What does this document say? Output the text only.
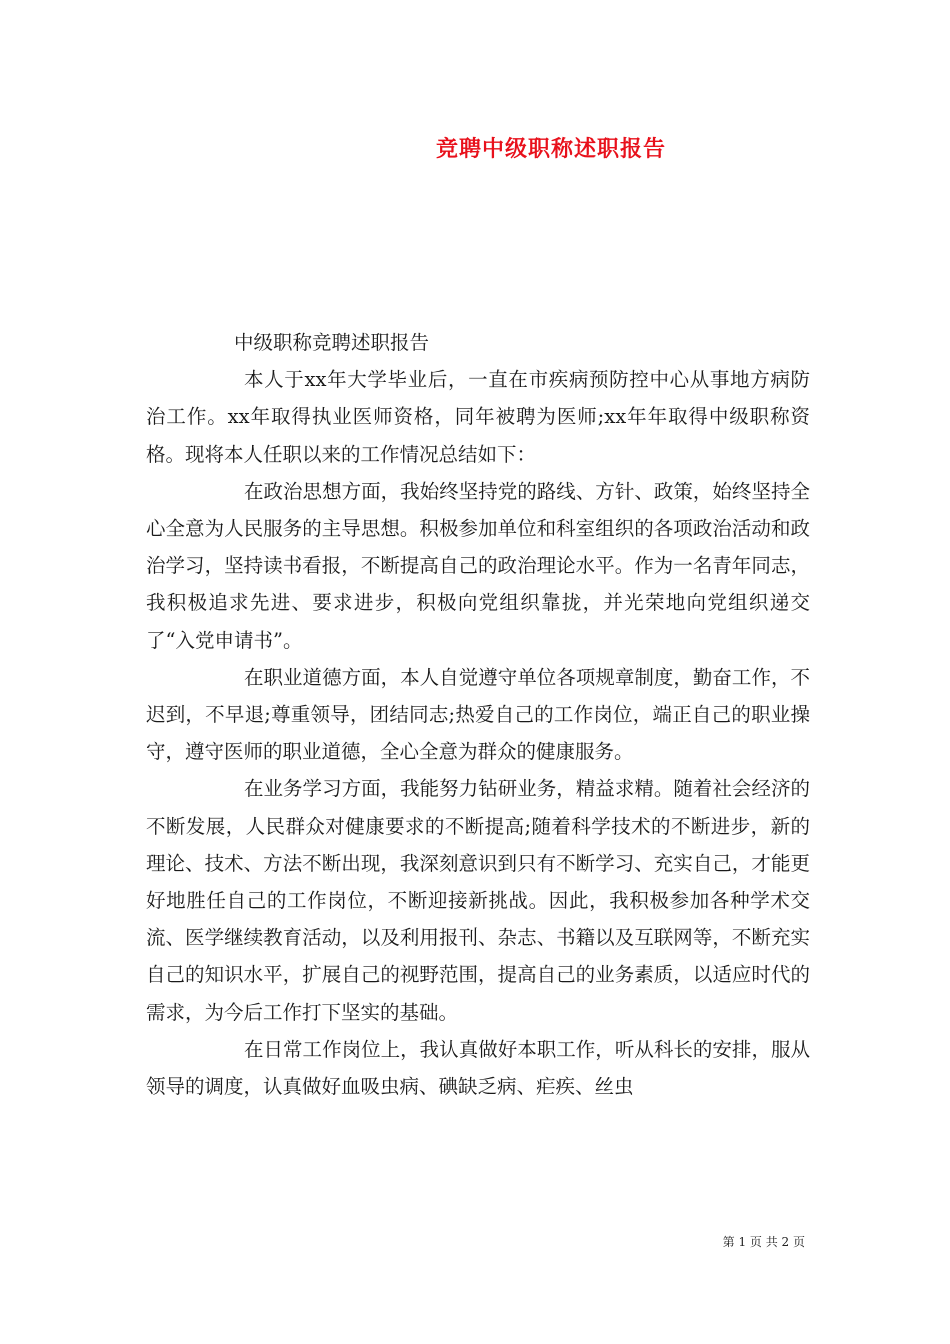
竞聘中级职称述职报告

中级职称竞聘述职报告

本人于xx年大学毕业后，一直在市疾病预防控中心从事地方病防治工作。xx年取得执业医师资格，同年被聘为医师;xx年年取得中级职称资格。现将本人任职以来的工作情况总结如下：

在政治思想方面，我始终坚持党的路线、方针、政策，始终坚持全心全意为人民服务的主导思想。积极参加单位和科室组织的各项政治活动和政治学习，坚持读书看报，不断提高自己的政治理论水平。作为一名青年同志，我积极追求先进、要求进步，积极向党组织靠拢，并光荣地向党组织递交了“入党申请书”。

在职业道德方面，本人自觉遵守单位各项规章制度，勤奋工作，不迟到，不早退;尊重领导，团结同志;热爱自己的工作岗位，端正自己的职业操守，遵守医师的职业道德，全心全意为群众的健康服务。

在业务学习方面，我能努力钻研业务，精益求精。随着社会经济的不断发展，人民群众对健康要求的不断提高;随着科学技术的不断进步，新的理论、技术、方法不断出现，我深刻意识到只有不断学习、充实自己，才能更好地胜任自己的工作岗位，不断迎接新挑战。因此，我积极参加各种学术交流、医学继续教育活动，以及利用报刊、杂志、书籍以及互联网等，不断充实自己的知识水平，扩展自己的视野范围，提高自己的业务素质，以适应时代的需求，为今后工作打下坚实的基础。

在日常工作岗位上，我认真做好本职工作，听从科长的安排，服从领导的调度，认真做好血吸虫病、碘缺乏病、疟疾、丝虫

第 1 页 共 2 页
